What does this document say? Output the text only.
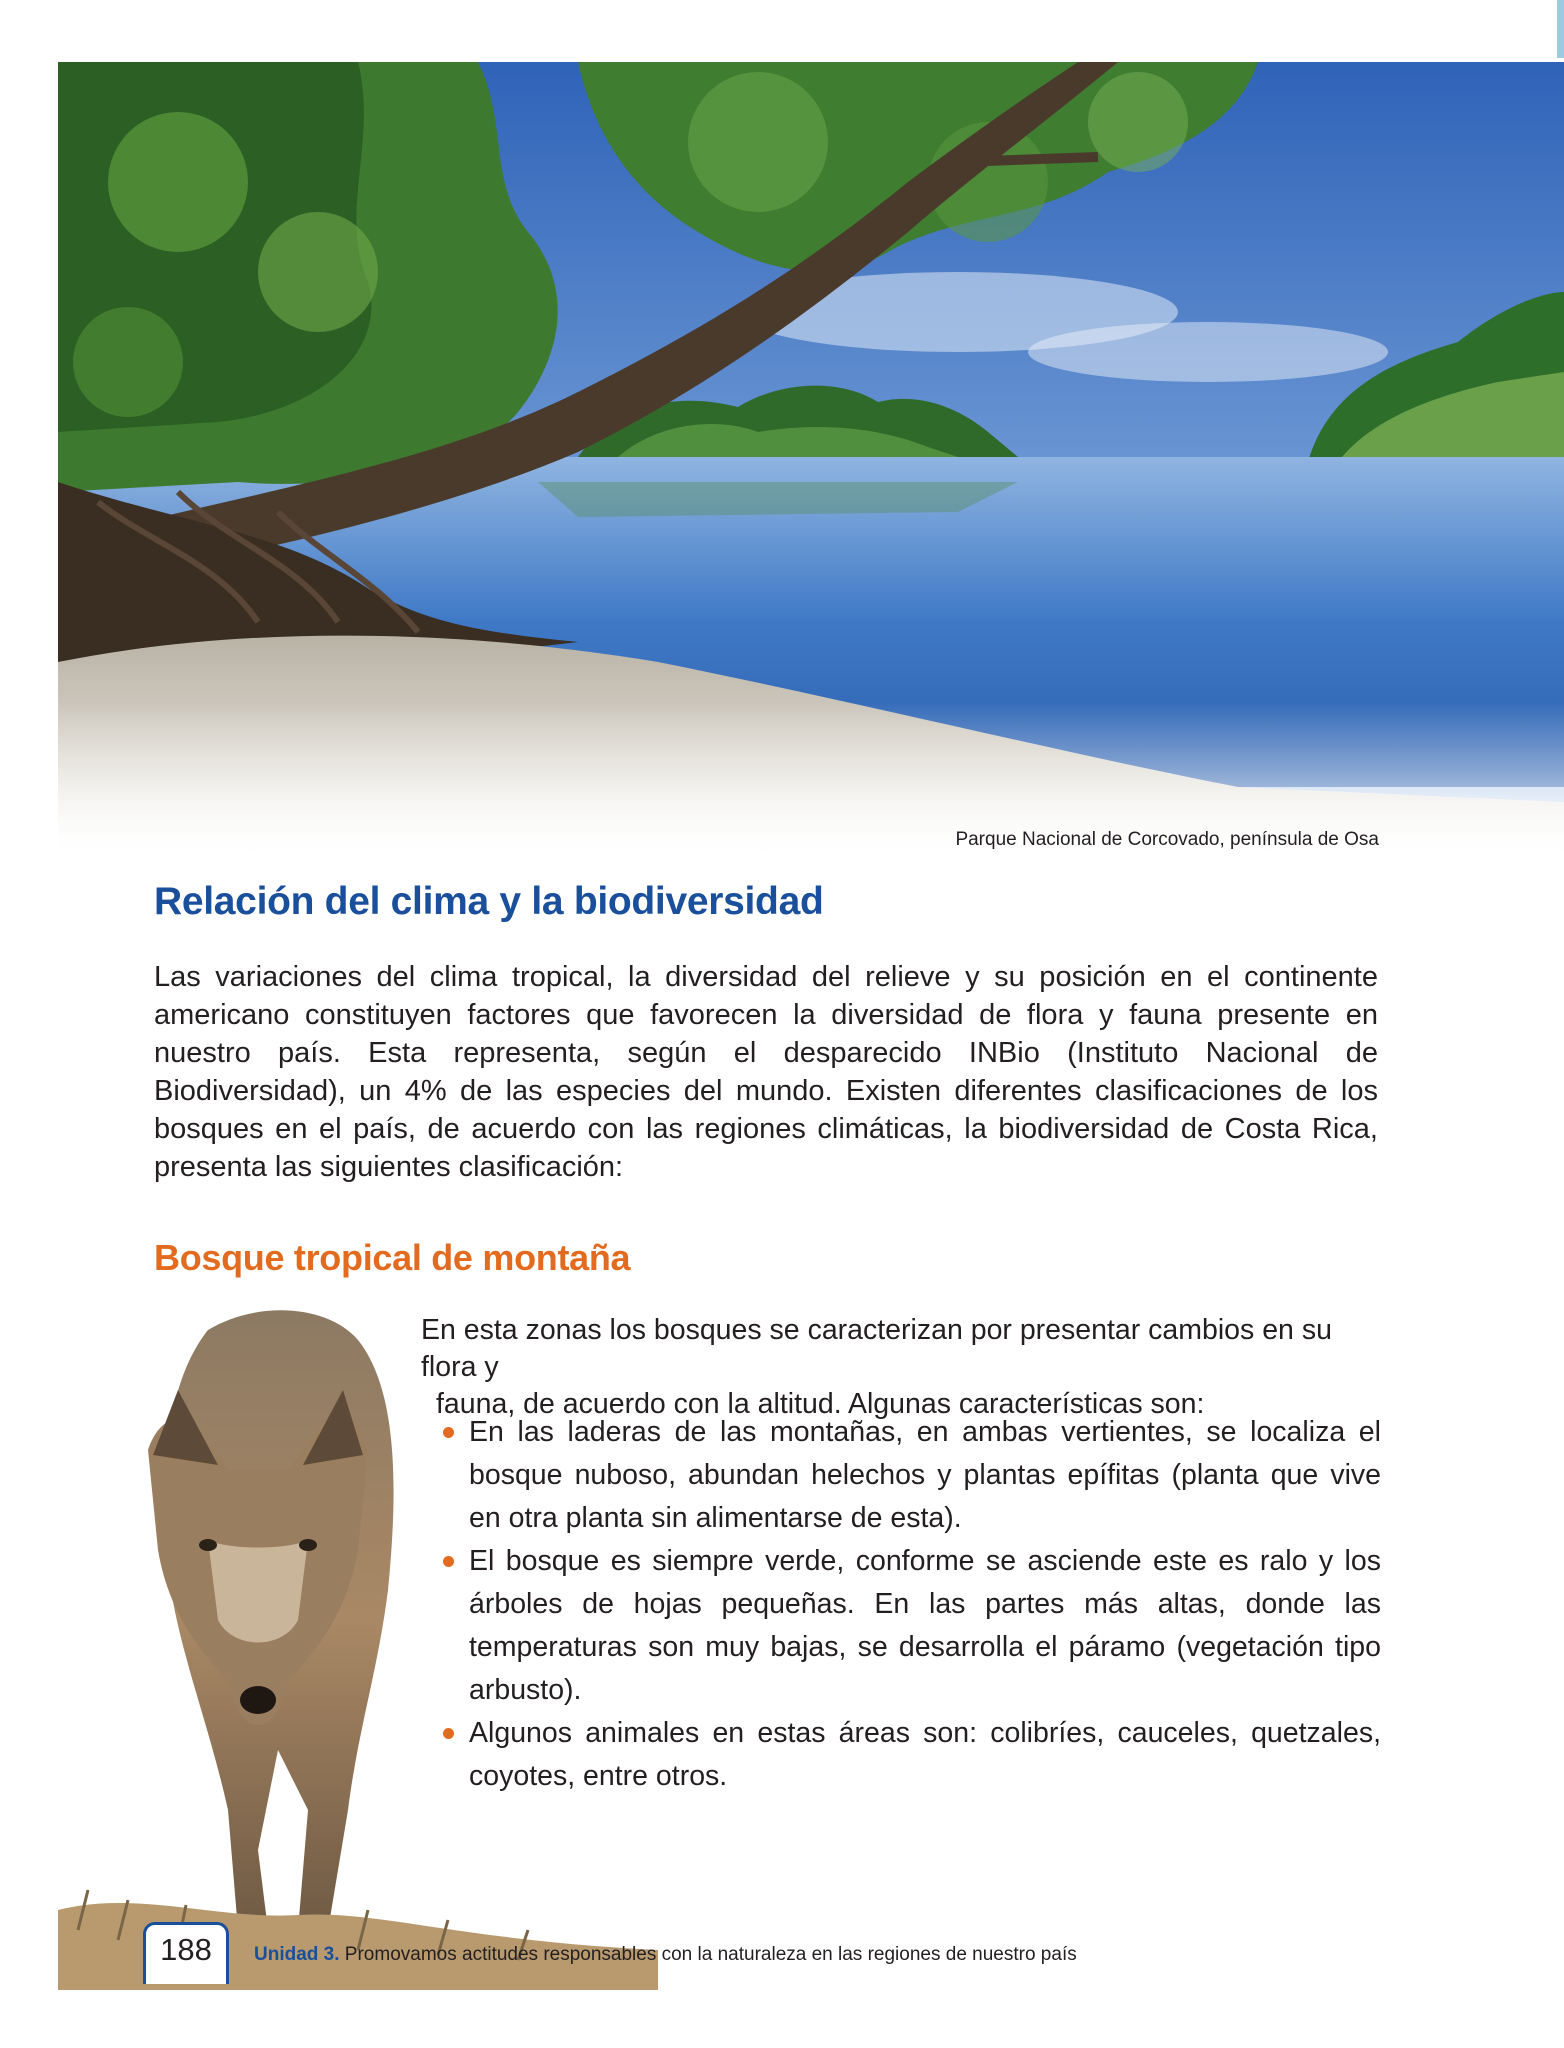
Parque Nacional de Corcovado, península de Osa
Relación del clima y la biodiversidad

Las variaciones del clima tropical, la diversidad del relieve y su posición en el continente americano constituyen factores que favorecen la diversidad de flora y fauna presente en nuestro país. Esta representa, según el desparecido INBio (Instituto Nacional de Biodiversidad), un 4% de las especies del mundo. Existen diferentes clasificaciones de los bosques en el país, de acuerdo con las regiones climáticas, la biodiversidad de Costa Rica, presenta las siguientes clasificación:

Bosque tropical de montaña

En esta zonas los bosques se caracterizan por presentar cambios en su flora y
fauna, de acuerdo con la altitud. Algunas características son:

En las laderas de las montañas, en ambas vertientes, se localiza el bosque nuboso, abundan helechos y plantas epífitas (planta que vive en otra planta sin alimentarse de esta).
El bosque es siempre verde, conforme se asciende este es ralo y los árboles de hojas pequeñas. En las partes más altas, donde las temperaturas son muy bajas, se desarrolla el páramo (vegetación tipo arbusto).
Algunos animales en estas áreas son: colibríes, cauceles, quetzales, coyotes, entre otros.
188	Unidad 3. Promovamos actitudes responsables con la naturaleza en las regiones de nuestro país
